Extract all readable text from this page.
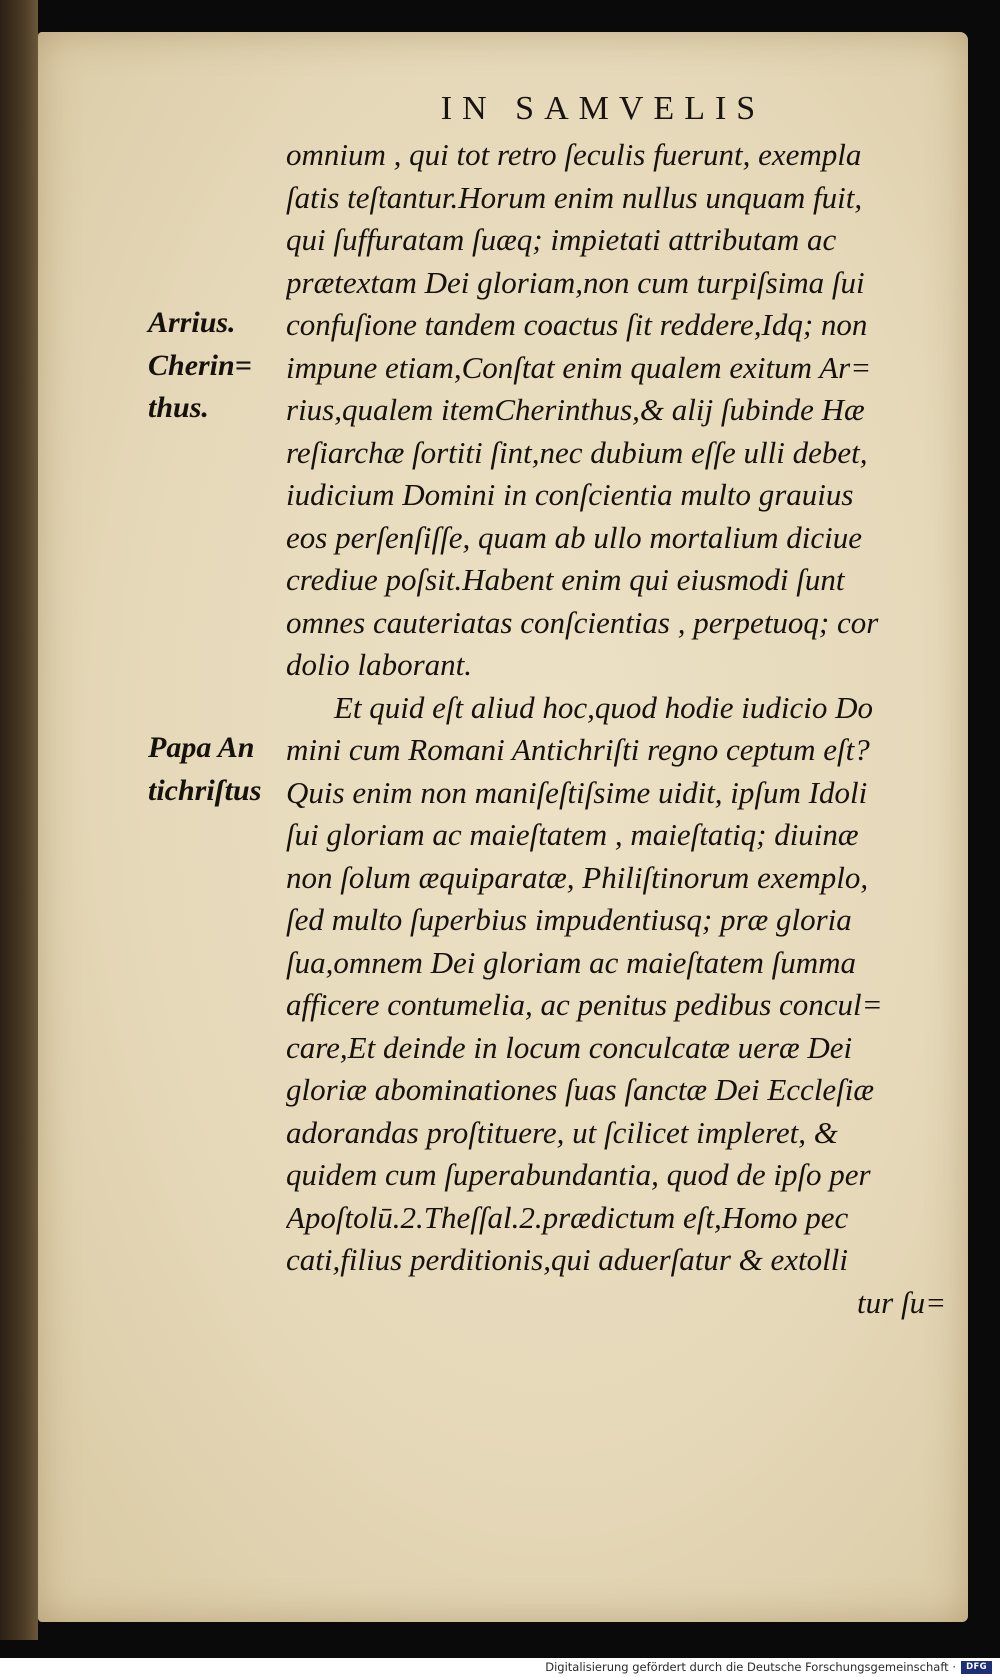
IN SAMVELIS

Arrius.

Cherin=

thus.

Papa An

tichriſtus

omnium , qui tot retro ſeculis fuerunt, exempla
ſatis teſtantur.Horum enim nullus unquam fuit,
qui ſuffuratam ſuæq; impietati attributam ac
prætextam Dei gloriam,non cum turpiſsima ſui
confuſione tandem coactus ſit reddere,Idq; non
impune etiam,Conſtat enim qualem exitum Ar=
rius,qualem itemCherinthus,& alij ſubinde Hæ
reſiarchæ ſortiti ſint,nec dubium eſſe ulli debet,
iudicium Domini in conſcientia multo grauius
eos perſenſiſſe, quam ab ullo mortalium diciue
crediue poſsit.Habent enim qui eiusmodi ſunt
omnes cauteriatas conſcientias , perpetuoq; cor
dolio laborant.
Et quid eſt aliud hoc,quod hodie iudicio Do
mini cum Romani Antichriſti regno ceptum eſt?
Quis enim non maniſeſtiſsime uidit, ipſum Idoli
ſui gloriam ac maieſtatem , maieſtatiq; diuinæ
non ſolum æquiparatæ, Philiſtinorum exemplo,
ſed multo ſuperbius impudentiusq; præ gloria
ſua,omnem Dei gloriam ac maieſtatem ſumma
afficere contumelia, ac penitus pedibus concul=
care,Et deinde in locum conculcatæ ueræ Dei
gloriæ abominationes ſuas ſanctæ Dei Eccleſiæ
adorandas proſtituere, ut ſcilicet impleret, &
quidem cum ſuperabundantia, quod de ipſo per
Apoſtolū.2.Theſſal.2.prædictum eſt,Homo pec
cati,filius perditionis,qui aduerſatur & extolli
tur ſu=
Digitalisierung gefördert durch die Deutsche Forschungsgemeinschaft ·	DFG
